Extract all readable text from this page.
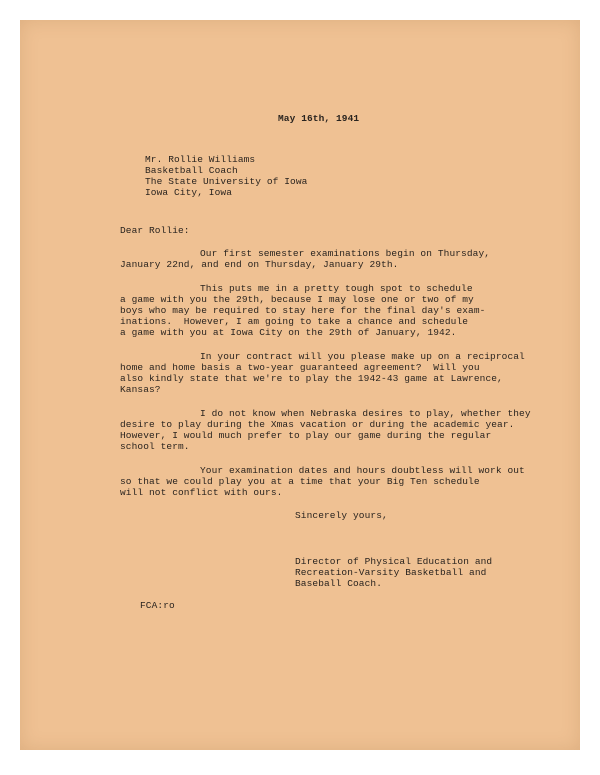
May 16th, 1941
Mr. Rollie Williams
Basketball Coach
The State University of Iowa
Iowa City, Iowa
Dear Rollie:
Our first semester examinations begin on Thursday,
January 22nd, and end on Thursday, January 29th.
This puts me in a pretty tough spot to schedule
a game with you the 29th, because I may lose one or two of my
boys who may be required to stay here for the final day's exam-
inations.  However, I am going to take a chance and schedule
a game with you at Iowa City on the 29th of January, 1942.
In your contract will you please make up on a reciprocal
home and home basis a two-year guaranteed agreement?  Will you
also kindly state that we're to play the 1942-43 game at Lawrence,
Kansas?
I do not know when Nebraska desires to play, whether they
desire to play during the Xmas vacation or during the academic year.
However, I would much prefer to play our game during the regular
school term.
Your examination dates and hours doubtless will work out
so that we could play you at a time that your Big Ten schedule
will not conflict with ours.
Sincerely yours,
Director of Physical Education and
Recreation-Varsity Basketball and
Baseball Coach.
FCA:ro
